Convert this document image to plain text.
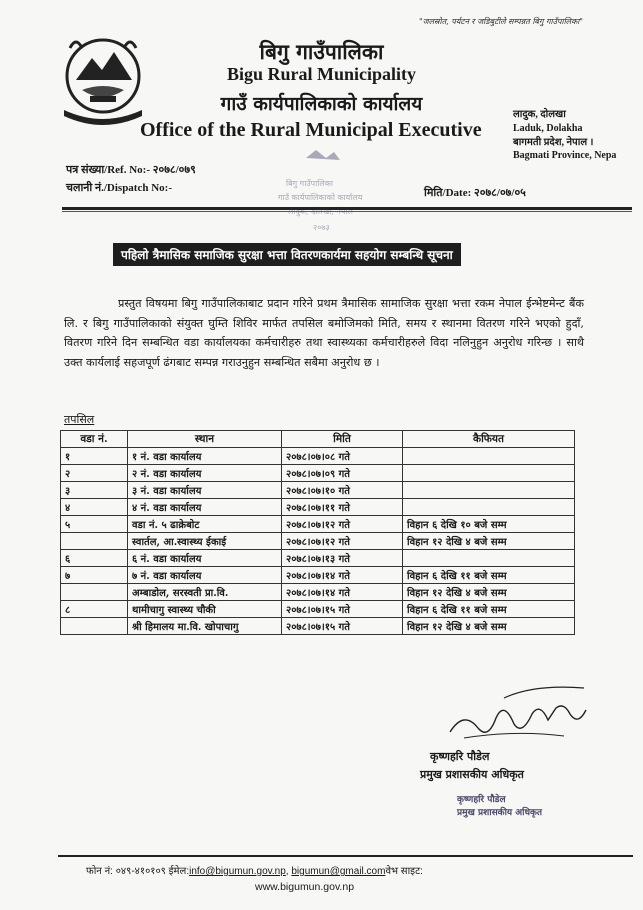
"जलस्रोत, पर्यटन र जडिबुटीले सम्पन्नत बिगु गाउँपालिका"
बिगु गाउँपालिका
Bigu Rural Municipality
गाउँ कार्यपालिकाको कार्यालय
Office of the Rural Municipal Executive
लादुक, दोलखा
Laduk, Dolakha
बागमती प्रदेश, नेपाल ।
Bagmati Province, Nepa
पत्र संख्या/Ref. No:- २०७८/०७९
चलानी नं./Dispatch No:-	बिगु गाउँपालिका
गाउँ कार्यपालिकाको कार्यालय
२०७३
मिति/Date: २०७८/०७/०५
पहिलो त्रैमासिक समाजिक सुरक्षा भत्ता वितरणकार्यमा सहयोग सम्बन्धि सूचना
प्रस्तुत विषयमा बिगु गाउँपालिकाबाट प्रदान गरिने प्रथम त्रैमासिक सामाजिक सुरक्षा भत्ता रकम नेपाल ईन्भेष्टमेन्ट बैंक लि. र बिगु गाउँपालिकाको संयुक्त घुम्ति शिविर मार्फत तपसिल बमोजिमको मिति, समय र स्थानमा वितरण गरिने भएको हुदाँ, वितरण गरिने दिन सम्बन्धित वडा कार्यालयका कर्मचारीहरु तथा स्वास्थ्यका कर्मचारीहरुले विदा नलिनुहुन अनुरोध गरिन्छ । साथै उक्त कार्यलाई सहजपूर्ण ढंगबाट सम्पन्न गराउनुहुन सम्बन्धित सबैमा अनुरोध छ ।
तपसिल
वडा नं.	स्थान	मिति	कैफियत
१	१ नं. वडा कार्यालय	२०७८।०७।०८ गते	
२	२ नं. वडा कार्यालय	२०७८।०७।०९ गते	
३	३ नं. वडा कार्यालय	२०७८।०७।१० गते	
४	४ नं. वडा कार्यालय	२०७८।०७।११ गते	
५	वडा नं. ५ ढाक्रेबोट	२०७८।०७।१२ गते	विहान ६ देखि १० बजे सम्म
	स्वार्तल, आ.स्वास्थ्य ईकाई	२०७८।०७।१२ गते	विहान १२ देखि ४ बजे सम्म
६	६ नं. वडा कार्यालय	२०७८।०७।१३ गते	
७	७ नं. वडा कार्यालय	२०७८।०७।१४ गते	विहान ६ देखि ११ बजे सम्म
	अम्बाडोल, सरस्वती प्रा.वि.	२०७८।०७।१४ गते	विहान १२ देखि ४ बजे सम्म
८	थामीचागु स्वास्थ्य चौकी	२०७८।०७।१५ गते	विहान ६ देखि ११ बजे सम्म
	श्री हिमालय मा.वि. खोपाचागु	२०७८।०७।१५ गते	विहान १२ देखि ४ बजे सम्म
कृष्णहरि पौडेल
प्रमुख प्रशासकीय अधिकृत
कृष्णहरि पौडेल
प्रमुख प्रशासकीय अधिकृत
फोन नं: ०४९-४१०१०९ ईमेल:info@bigumun.gov.np, bigumun@gmail.comवेभ साइट:
www.bigumun.gov.np
